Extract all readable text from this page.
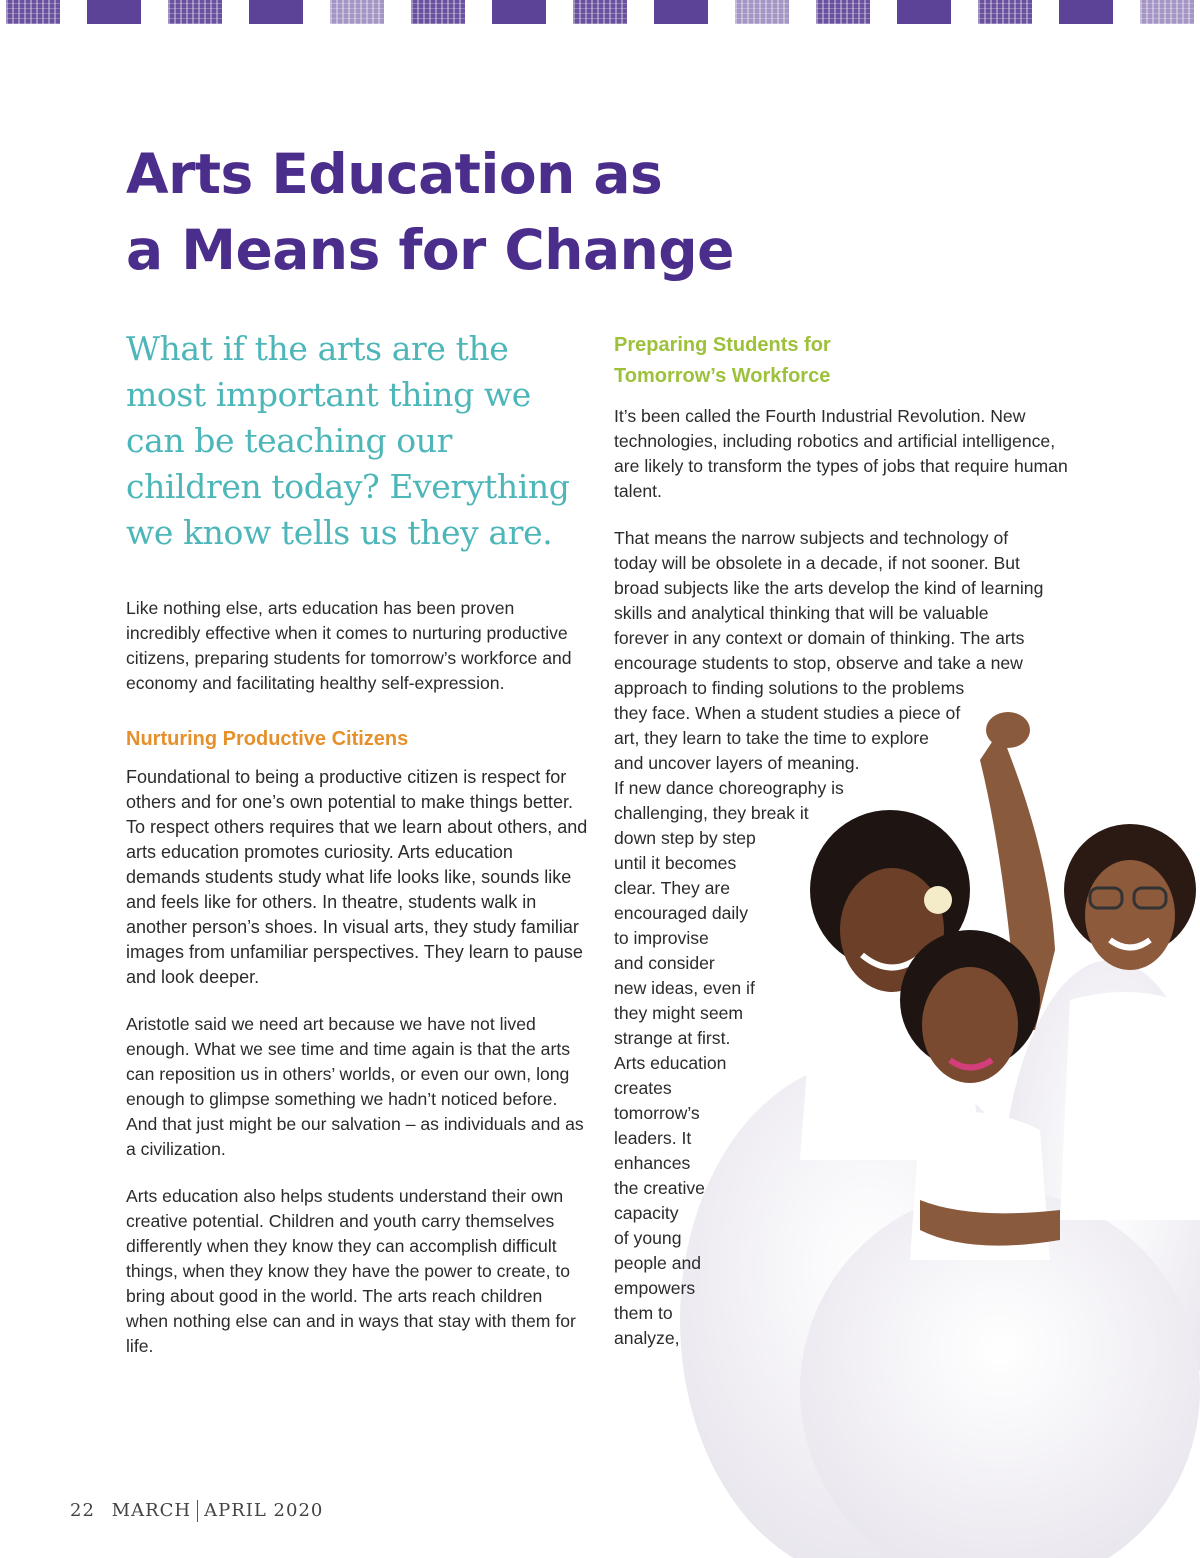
Arts Education as
a Means for Change

What if the arts are the most important thing we can be teaching our children today? Everything we know tells us they are.

Like nothing else, arts education has been proven incredibly effective when it comes to nurturing productive citizens, preparing students for tomorrow’s workforce and economy and facilitating healthy self-expression.

Nurturing Productive Citizens

Foundational to being a productive citizen is respect for others and for one’s own potential to make things better. To respect others requires that we learn about others, and arts education promotes curiosity. Arts education demands students study what life looks like, sounds like and feels like for others. In theatre, students walk in another person’s shoes. In visual arts, they study familiar images from unfamiliar perspectives. They learn to pause and look deeper.

Aristotle said we need art because we have not lived enough. What we see time and time again is that the arts can reposition us in others’ worlds, or even our own, long enough to glimpse something we hadn’t noticed before. And that just might be our salvation – as individuals and as a civilization.

Arts education also helps students understand their own creative potential. Children and youth carry themselves differently when they know they can accomplish difficult things, when they know they have the power to create, to bring about good in the world. The arts reach children when nothing else can and in ways that stay with them for life.

Preparing Students for
Tomorrow’s Workforce

It’s been called the Fourth Industrial Revolution. New technologies, including robotics and artificial intelligence, are likely to transform the types of jobs that require human talent.

That means the narrow subjects and technology of
today will be obsolete in a decade, if not sooner. But
broad subjects like the arts develop the kind of learning
skills and analytical thinking that will be valuable
forever in any context or domain of thinking. The arts
encourage students to stop, observe and take a new
approach to finding solutions to the problems
they face. When a student studies a piece of
art, they learn to take the time to explore
and uncover layers of meaning.
If new dance choreography is
challenging, they break it
down step by step
until it becomes
clear. They are
encouraged daily
to improvise
and consider
new ideas, even if
they might seem
strange at first.
Arts education
creates
tomorrow’s
leaders. It
enhances
the creative
capacity
of young
people and
empowers
them to
analyze,

22 MARCH APRIL 2020
